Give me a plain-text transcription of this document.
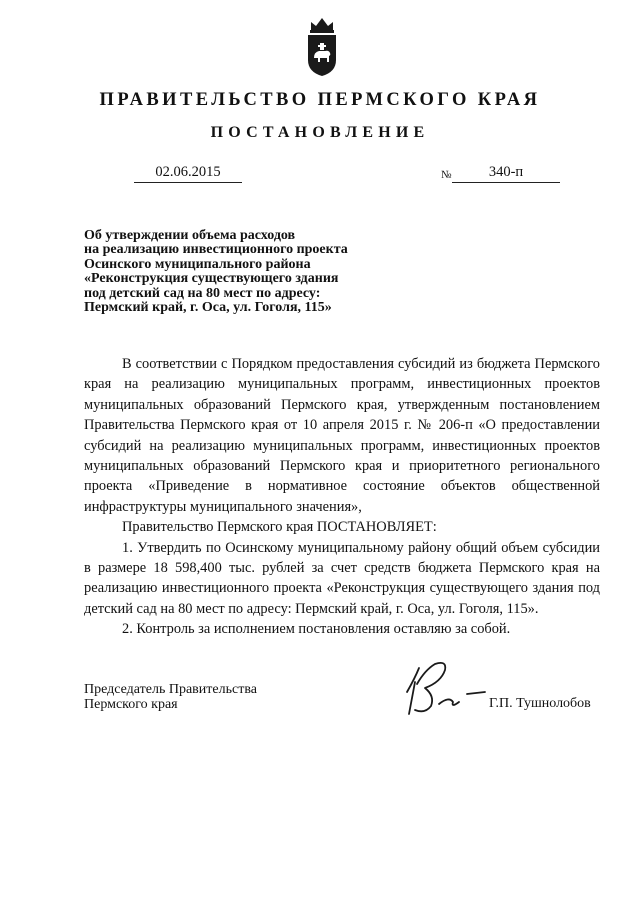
ПРАВИТЕЛЬСТВО ПЕРМСКОГО КРАЯ
ПОСТАНОВЛЕНИЕ
02.06.2015	№	340-п
Об утверждении объема расходов
на реализацию инвестиционного проекта
Осинского муниципального района
«Реконструкция существующего здания
под детский сад на 80 мест по адресу:
Пермский край, г. Оса, ул. Гоголя, 115»

В соответствии с Порядком предоставления субсидий из бюджета Пермского края на реализацию муниципальных программ, инвестиционных проектов муниципальных образований Пермского края, утвержденным постановлением Правительства Пермского края от 10 апреля 2015 г. № 206-п «О предоставлении субсидий на реализацию муниципальных программ, инвестиционных проектов муниципальных образований Пермского края и приоритетного регионального проекта «Приведение в нормативное состояние объектов общественной инфраструктуры муниципального значения»,

Правительство Пермского края ПОСТАНОВЛЯЕТ:

1. Утвердить по Осинскому муниципальному району общий объем субсидии в размере 18 598,400 тыс. рублей за счет средств бюджета Пермского края на реализацию инвестиционного проекта «Реконструкция существующего здания под детский сад на 80 мест по адресу: Пермский край, г. Оса, ул. Гоголя, 115».

2. Контроль за исполнением постановления оставляю за собой.

Председатель Правительства
Пермского края	Г.П. Тушнолобов
